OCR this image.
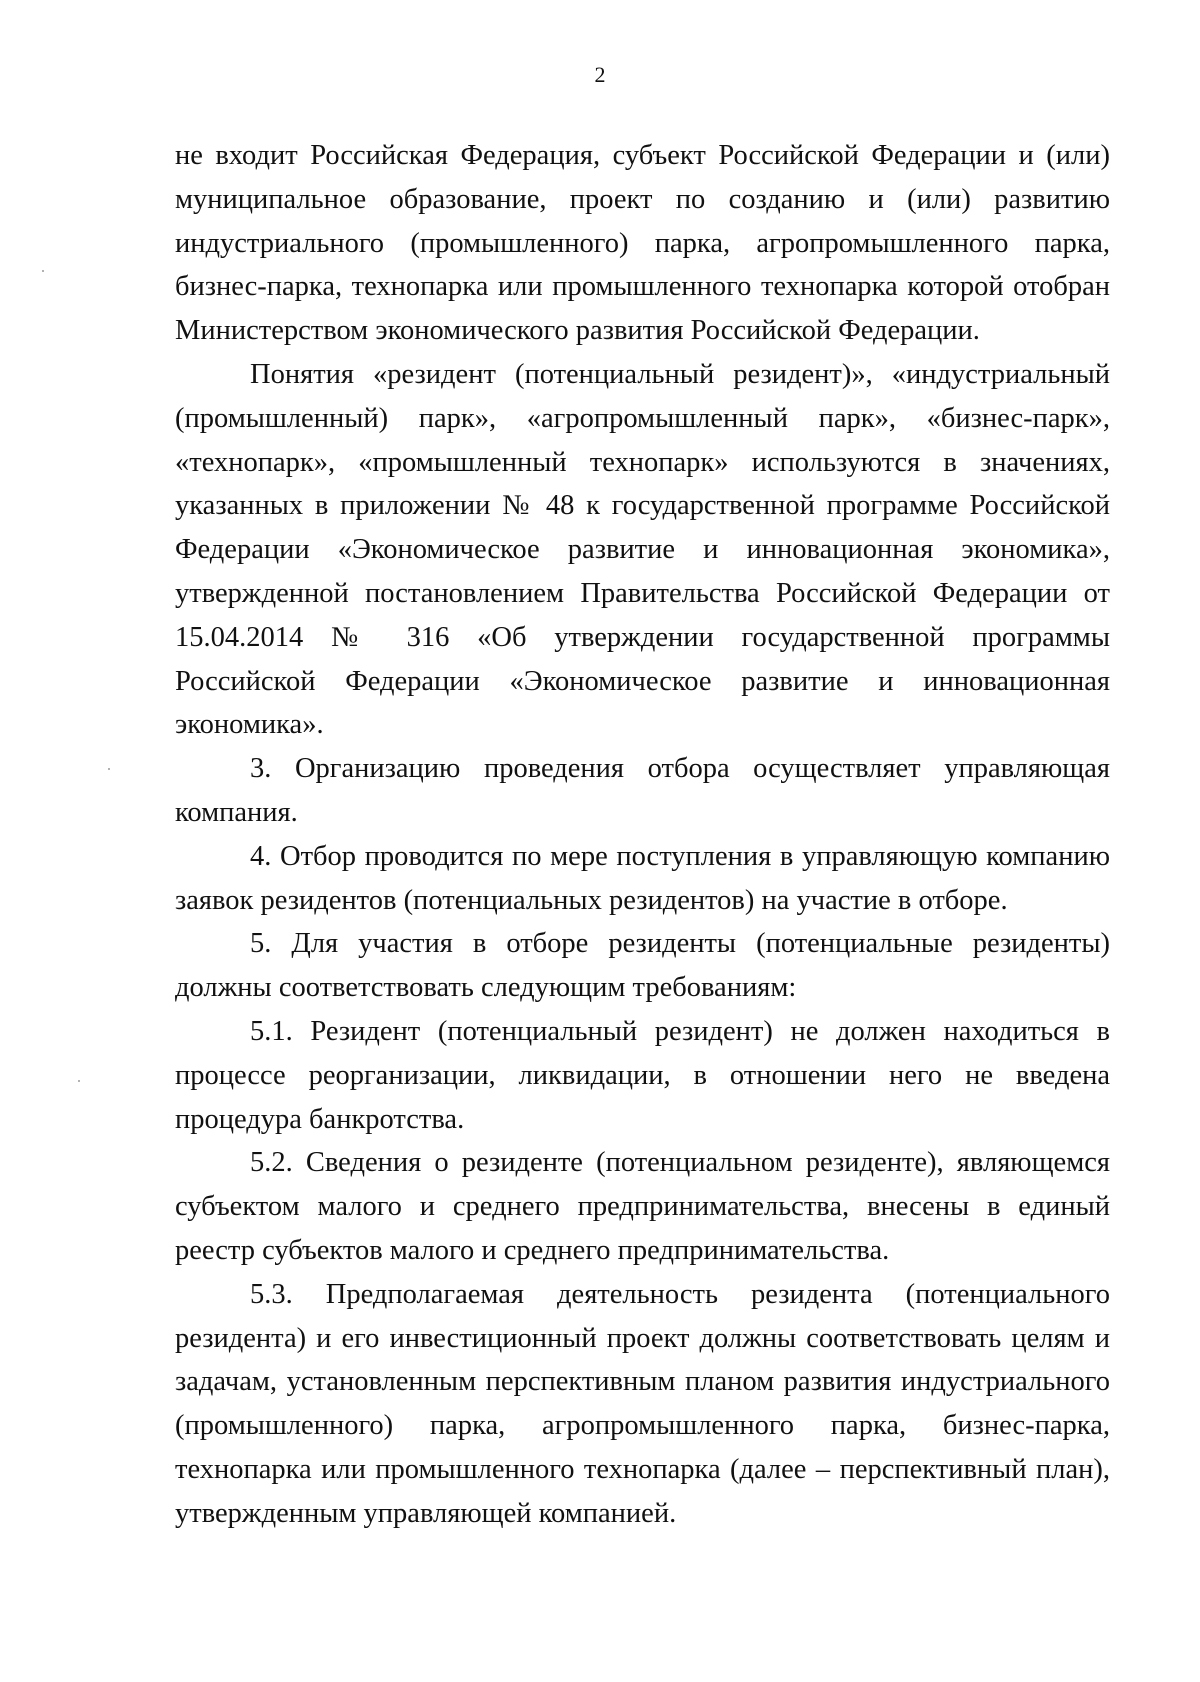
2

не входит Российская Федерация, субъект Российской Федерации и (или) муниципальное образование, проект по созданию и (или) развитию индустриального (промышленного) парка, агропромышленного парка, бизнес-парка, технопарка или промышленного технопарка которой отобран Министерством экономического развития Российской Федерации.

Понятия «резидент (потенциальный резидент)», «индустриальный (промышленный) парк», «агропромышленный парк», «бизнес-парк», «технопарк», «промышленный технопарк» используются в значениях, указанных в приложении № 48 к государственной программе Российской Федерации «Экономическое развитие и инновационная экономика», утвержденной постановлением Правительства Российской Федерации от 15.04.2014 № 316 «Об утверждении государственной программы Российской Федерации «Экономическое развитие и инновационная экономика».

3. Организацию проведения отбора осуществляет управляющая компания.

4. Отбор проводится по мере поступления в управляющую компанию заявок резидентов (потенциальных резидентов) на участие в отборе.

5. Для участия в отборе резиденты (потенциальные резиденты) должны соответствовать следующим требованиям:

5.1. Резидент (потенциальный резидент) не должен находиться в процессе реорганизации, ликвидации, в отношении него не введена процедура банкротства.

5.2. Сведения о резиденте (потенциальном резиденте), являющемся субъектом малого и среднего предпринимательства, внесены в единый реестр субъектов малого и среднего предпринимательства.

5.3. Предполагаемая деятельность резидента (потенциального резидента) и его инвестиционный проект должны соответствовать целям и задачам, установленным перспективным планом развития индустриального (промышленного) парка, агропромышленного парка, бизнес-парка, технопарка или промышленного технопарка (далее – перспективный план), утвержденным управляющей компанией.
